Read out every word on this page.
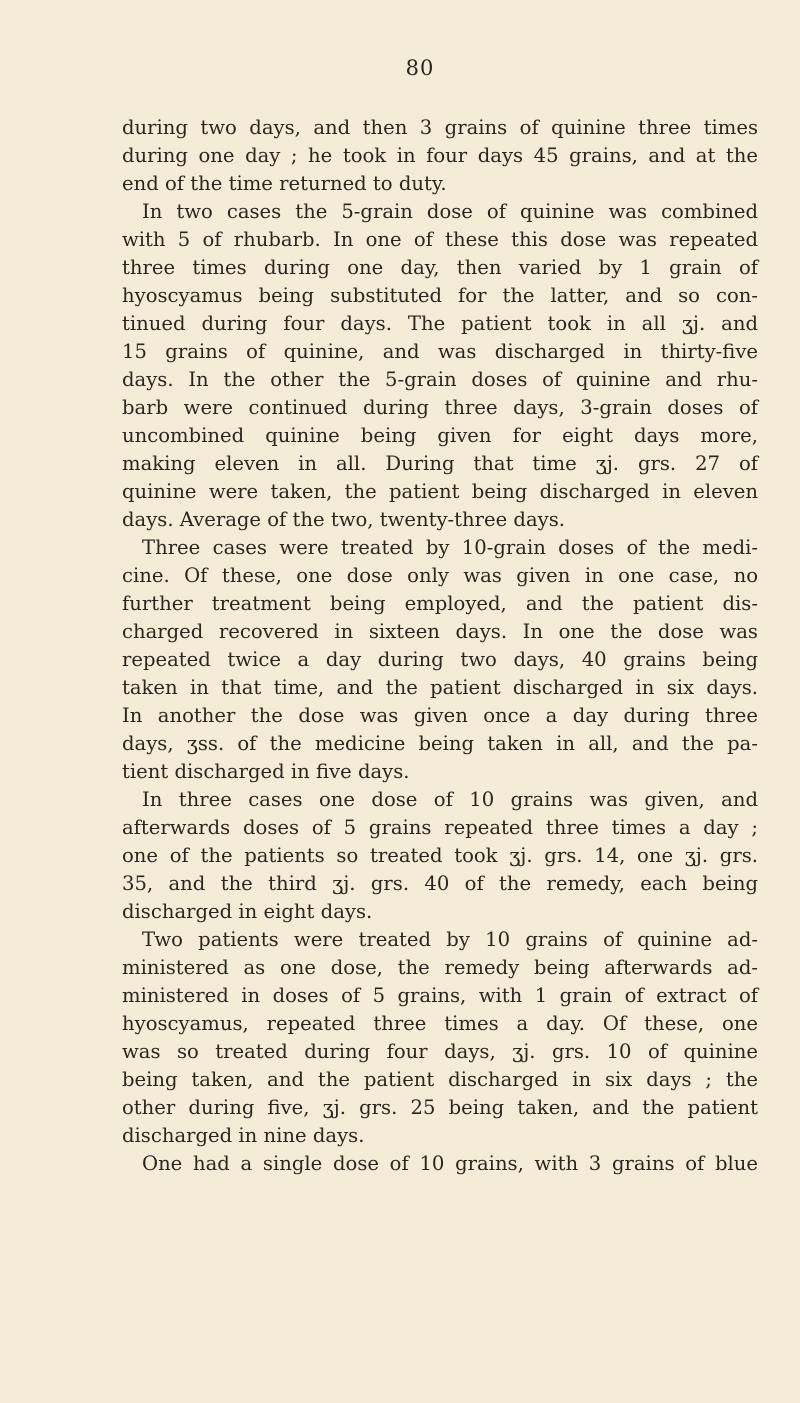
80
during two days, and then 3 grains of quinine three times
during one day ; he took in four days 45 grains, and at the
end of the time returned to duty.
In two cases the 5-grain dose of quinine was combined
with 5 of rhubarb. In one of these this dose was repeated
three times during one day, then varied by 1 grain of
hyoscyamus being substituted for the latter, and so con-
tinued during four days. The patient took in all ʒj. and
15 grains of quinine, and was discharged in thirty-five
days. In the other the 5-grain doses of quinine and rhu-
barb were continued during three days, 3-grain doses of
uncombined quinine being given for eight days more,
making eleven in all. During that time ʒj. grs. 27 of
quinine were taken, the patient being discharged in eleven
days. Average of the two, twenty-three days.
Three cases were treated by 10-grain doses of the medi-
cine. Of these, one dose only was given in one case, no
further treatment being employed, and the patient dis-
charged recovered in sixteen days. In one the dose was
repeated twice a day during two days, 40 grains being
taken in that time, and the patient discharged in six days.
In another the dose was given once a day during three
days, ʒss. of the medicine being taken in all, and the pa-
tient discharged in five days.
In three cases one dose of 10 grains was given, and
afterwards doses of 5 grains repeated three times a day ;
one of the patients so treated took ʒj. grs. 14, one ʒj. grs.
35, and the third ʒj. grs. 40 of the remedy, each being
discharged in eight days.
Two patients were treated by 10 grains of quinine ad-
ministered as one dose, the remedy being afterwards ad-
ministered in doses of 5 grains, with 1 grain of extract of
hyoscyamus, repeated three times a day. Of these, one
was so treated during four days, ʒj. grs. 10 of quinine
being taken, and the patient discharged in six days ; the
other during five, ʒj. grs. 25 being taken, and the patient
discharged in nine days.
One had a single dose of 10 grains, with 3 grains of blue
